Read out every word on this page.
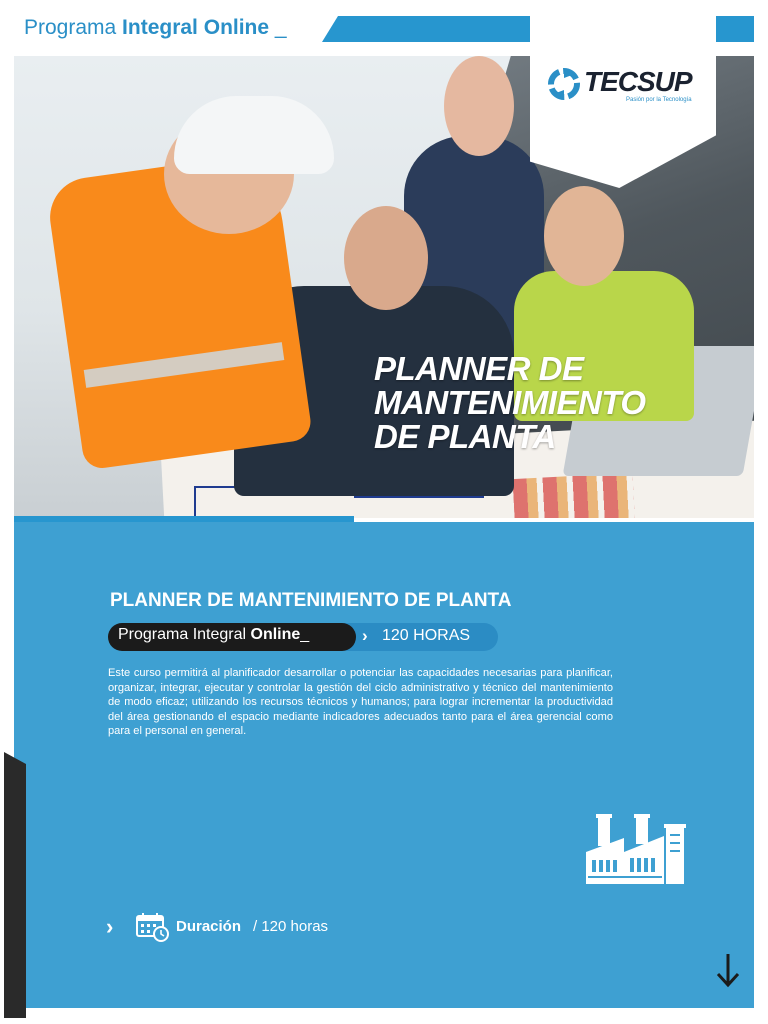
Programa Integral Online _
PLANNER DE
MANTENIMIENTO
DE PLANTA
TECSUP
Pasión por la Tecnología
PLANNER DE MANTENIMIENTO DE PLANTA
Programa Integral Online_	› 120 HORAS
Este curso permitirá al planificador desarrollar o potenciar las capacidades necesarias para planificar, organizar, integrar, ejecutar y controlar la gestión del ciclo administrativo y técnico del mantenimiento de modo eficaz; utilizando los recursos técnicos y humanos; para lograr incrementar la productividad del área gestionando el espacio mediante indicadores adecuados tanto para el área gerencial como para el personal en general.
›	Duración / 120 horas
